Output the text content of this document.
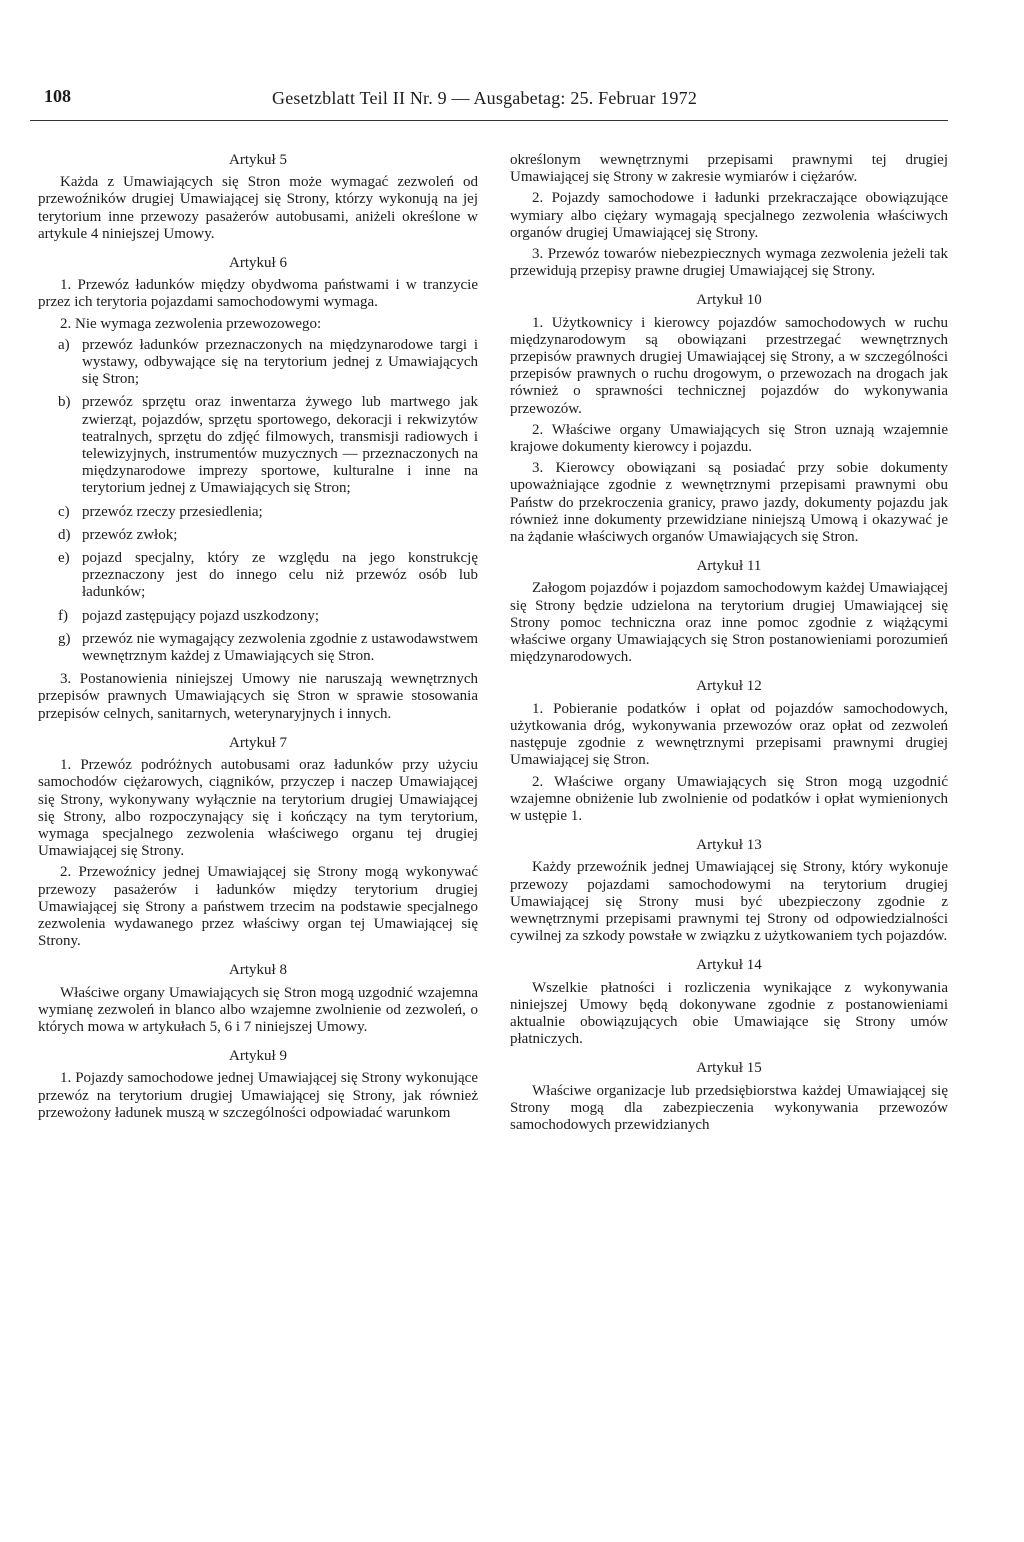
108	Gesetzblatt Teil II Nr. 9 — Ausgabetag: 25. Februar 1972
Artykuł 5

Każda z Umawiających się Stron może wymagać zezwoleń od przewoźników drugiej Umawiającej się Strony, którzy wykonują na jej terytorium inne przewozy pasażerów autobusami, aniżeli określone w artykule 4 niniejszej Umowy.

Artykuł 6

1. Przewóz ładunków między obydwoma państwami i w tranzycie przez ich terytoria pojazdami samochodowymi wymaga.

2. Nie wymaga zezwolenia przewozowego:

a) przewóz ładunków przeznaczonych na międzynarodowe targi i wystawy, odbywające się na terytorium jednej z Umawiających się Stron;
b) przewóz sprzętu oraz inwentarza żywego lub martwego jak zwierząt, pojazdów, sprzętu sportowego, dekoracji i rekwizytów teatralnych, sprzętu do zdjęć filmowych, transmisji radiowych i telewizyjnych, instrumentów muzycznych — przeznaczonych na międzynarodowe imprezy sportowe, kulturalne i inne na terytorium jednej z Umawiających się Stron;
c) przewóz rzeczy przesiedlenia;
d) przewóz zwłok;
e) pojazd specjalny, który ze względu na jego konstrukcję przeznaczony jest do innego celu niż przewóz osób lub ładunków;
f) pojazd zastępujący pojazd uszkodzony;
g) przewóz nie wymagający zezwolenia zgodnie z ustawodawstwem wewnętrznym każdej z Umawiających się Stron.

3. Postanowienia niniejszej Umowy nie naruszają wewnętrznych przepisów prawnych Umawiających się Stron w sprawie stosowania przepisów celnych, sanitarnych, weterynaryjnych i innych.

Artykuł 7

1. Przewóz podróżnych autobusami oraz ładunków przy użyciu samochodów ciężarowych, ciągników, przyczep i naczep Umawiającej się Strony, wykonywany wyłącznie na terytorium drugiej Umawiającej się Strony, albo rozpoczynający się i kończący na tym terytorium, wymaga specjalnego zezwolenia właściwego organu tej drugiej Umawiającej się Strony.

2. Przewoźnicy jednej Umawiającej się Strony mogą wykonywać przewozy pasażerów i ładunków między terytorium drugiej Umawiającej się Strony a państwem trzecim na podstawie specjalnego zezwolenia wydawanego przez właściwy organ tej Umawiającej się Strony.

Artykuł 8

Właściwe organy Umawiających się Stron mogą uzgodnić wzajemna wymianę zezwoleń in blanco albo wzajemne zwolnienie od zezwoleń, o których mowa w artykułach 5, 6 i 7 niniejszej Umowy.

Artykuł 9

1. Pojazdy samochodowe jednej Umawiającej się Strony wykonujące przewóz na terytorium drugiej Umawiającej się Strony, jak również przewożony ładunek muszą w szczególności odpowiadać warunkom

określonym wewnętrznymi przepisami prawnymi tej drugiej Umawiającej się Strony w zakresie wymiarów i ciężarów.

2. Pojazdy samochodowe i ładunki przekraczające obowiązujące wymiary albo ciężary wymagają specjalnego zezwolenia właściwych organów drugiej Umawiającej się Strony.

3. Przewóz towarów niebezpiecznych wymaga zezwolenia jeżeli tak przewidują przepisy prawne drugiej Umawiającej się Strony.

Artykuł 10

1. Użytkownicy i kierowcy pojazdów samochodowych w ruchu międzynarodowym są obowiązani przestrzegać wewnętrznych przepisów prawnych drugiej Umawiającej się Strony, a w szczególności przepisów prawnych o ruchu drogowym, o przewozach na drogach jak również o sprawności technicznej pojazdów do wykonywania przewozów.

2. Właściwe organy Umawiających się Stron uznają wzajemnie krajowe dokumenty kierowcy i pojazdu.

3. Kierowcy obowiązani są posiadać przy sobie dokumenty upoważniające zgodnie z wewnętrznymi przepisami prawnymi obu Państw do przekroczenia granicy, prawo jazdy, dokumenty pojazdu jak również inne dokumenty przewidziane niniejszą Umową i okazywać je na żądanie właściwych organów Umawiających się Stron.

Artykuł 11

Załogom pojazdów i pojazdom samochodowym każdej Umawiającej się Strony będzie udzielona na terytorium drugiej Umawiającej się Strony pomoc techniczna oraz inne pomoc zgodnie z wiążącymi właściwe organy Umawiających się Stron postanowieniami porozumień międzynarodowych.

Artykuł 12

1. Pobieranie podatków i opłat od pojazdów samochodowych, użytkowania dróg, wykonywania przewozów oraz opłat od zezwoleń następuje zgodnie z wewnętrznymi przepisami prawnymi drugiej Umawiającej się Stron.

2. Właściwe organy Umawiających się Stron mogą uzgodnić wzajemne obniżenie lub zwolnienie od podatków i opłat wymienionych w ustępie 1.

Artykuł 13

Każdy przewoźnik jednej Umawiającej się Strony, który wykonuje przewozy pojazdami samochodowymi na terytorium drugiej Umawiającej się Strony musi być ubezpieczony zgodnie z wewnętrznymi przepisami prawnymi tej Strony od odpowiedzialności cywilnej za szkody powstałe w związku z użytkowaniem tych pojazdów.

Artykuł 14

Wszelkie płatności i rozliczenia wynikające z wykonywania niniejszej Umowy będą dokonywane zgodnie z postanowieniami aktualnie obowiązujących obie Umawiające się Strony umów płatniczych.

Artykuł 15

Właściwe organizacje lub przedsiębiorstwa każdej Umawiającej się Strony mogą dla zabezpieczenia wykonywania przewozów samochodowych przewidzianych
